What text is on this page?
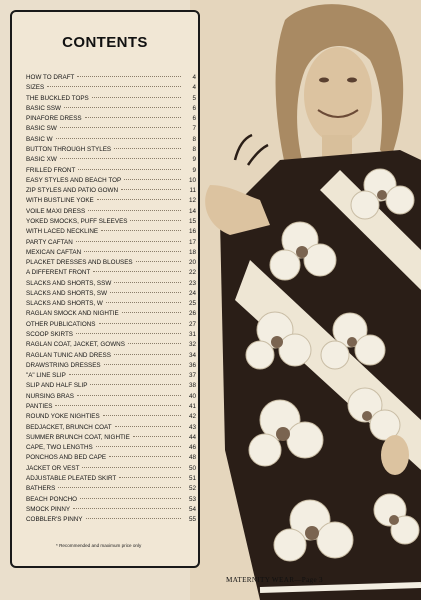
CONTENTS
HOW TO DRAFT	4
SIZES	4
THE BUCKLED TOPS	5
BASIC SSW	6
PINAFORE DRESS	6
BASIC SW	7
BASIC W	8
BUTTON THROUGH STYLES	8
BASIC XW	9
FRILLED FRONT	9
EASY STYLES AND BEACH TOP	10
ZIP STYLES AND PATIO GOWN	11
WITH BUSTLINE YOKE	12
VOILE MAXI DRESS	14
YOKED SMOCKS, PUFF SLEEVES	15
WITH LACED NECKLINE	16
PARTY CAFTAN	17
MEXICAN CAFTAN	18
PLACKET DRESSES AND BLOUSES	20
A DIFFERENT FRONT	22
SLACKS AND SHORTS, SSW	23
SLACKS AND SHORTS, SW	24
SLACKS AND SHORTS, W	25
RAGLAN SMOCK AND NIGHTIE	26
OTHER PUBLICATIONS	27
SCOOP SKIRTS	31
RAGLAN COAT, JACKET, GOWNS	32
RAGLAN TUNIC AND DRESS	34
DRAWSTRING DRESSES	36
"A" LINE SLIP	37
SLIP AND HALF SLIP	38
NURSING BRAS	40
PANTIES	41
ROUND YOKE NIGHTIES	42
BEDJACKET, BRUNCH COAT	43
SUMMER BRUNCH COAT, NIGHTIE	44
CAPE, TWO LENGTHS	46
PONCHOS AND BED CAPE	48
JACKET OR VEST	50
ADJUSTABLE PLEATED SKIRT	51
BATHERS	52
BEACH PONCHO	53
SMOCK PINNY	54
COBBLER'S PINNY	55
* Recommended and maximum price only
MATERNITY WEAR—Page 3
